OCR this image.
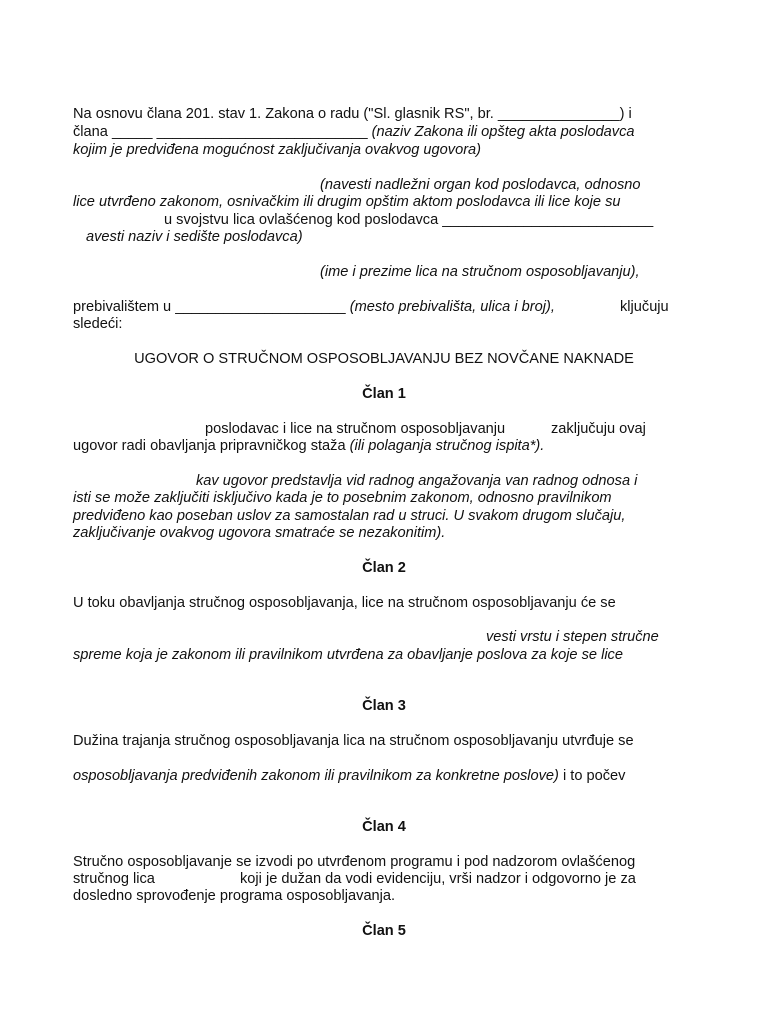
Na osnovu člana 201. stav 1. Zakona o radu ("Sl. glasnik RS", br. _______________) i
člana _____ __________________________ (naziv Zakona ili opšteg akta poslodavca
kojim je predviđena mogućnost zaključivanja ovakvog ugovora)
(navesti nadležni organ kod poslodavca, odnosno
lice utvrđeno zakonom, osnivačkim ili drugim opštim aktom poslodavca ili lice koje su
u svojstvu lica ovlašćenog kod poslodavca __________________________
avesti naziv i sedište poslodavca)
(ime i prezime lica na stručnom osposobljavanju),
prebivalištem u _____________________ (mesto prebivališta, ulica i broj),	ključuju
sledeći:
UGOVOR O STRUČNOM OSPOSOBLJAVANJU BEZ NOVČANE NAKNADE
Član 1
poslodavac i lice na stručnom osposobljavanju	zaključuju ovaj
ugovor radi obavljanja pripravničkog staža (ili polaganja stručnog ispita*).
kav ugovor predstavlja vid radnog angažovanja van radnog odnosa i
isti se može zaključiti isključivo kada je to posebnim zakonom, odnosno pravilnikom
predviđeno kao poseban uslov za samostalan rad u struci. U svakom drugom slučaju,
zaključivanje ovakvog ugovora smatraće se nezakonitim).
Član 2
U toku obavljanja stručnog osposobljavanja, lice na stručnom osposobljavanju će se
vesti vrstu i stepen stručne
spreme koja je zakonom ili pravilnikom utvrđena za obavljanje poslova za koje se lice
Član 3
Dužina trajanja stručnog osposobljavanja lica na stručnom osposobljavanju utvrđuje se
osposobljavanja predviđenih zakonom ili pravilnikom za konkretne poslove) i to počev
Član 4
Stručno osposobljavanje se izvodi po utvrđenom programu i pod nadzorom ovlašćenog
stručnog lica	koji je dužan da vodi evidenciju, vrši nadzor i odgovorno je za
dosledno sprovođenje programa osposobljavanja.
Član 5
